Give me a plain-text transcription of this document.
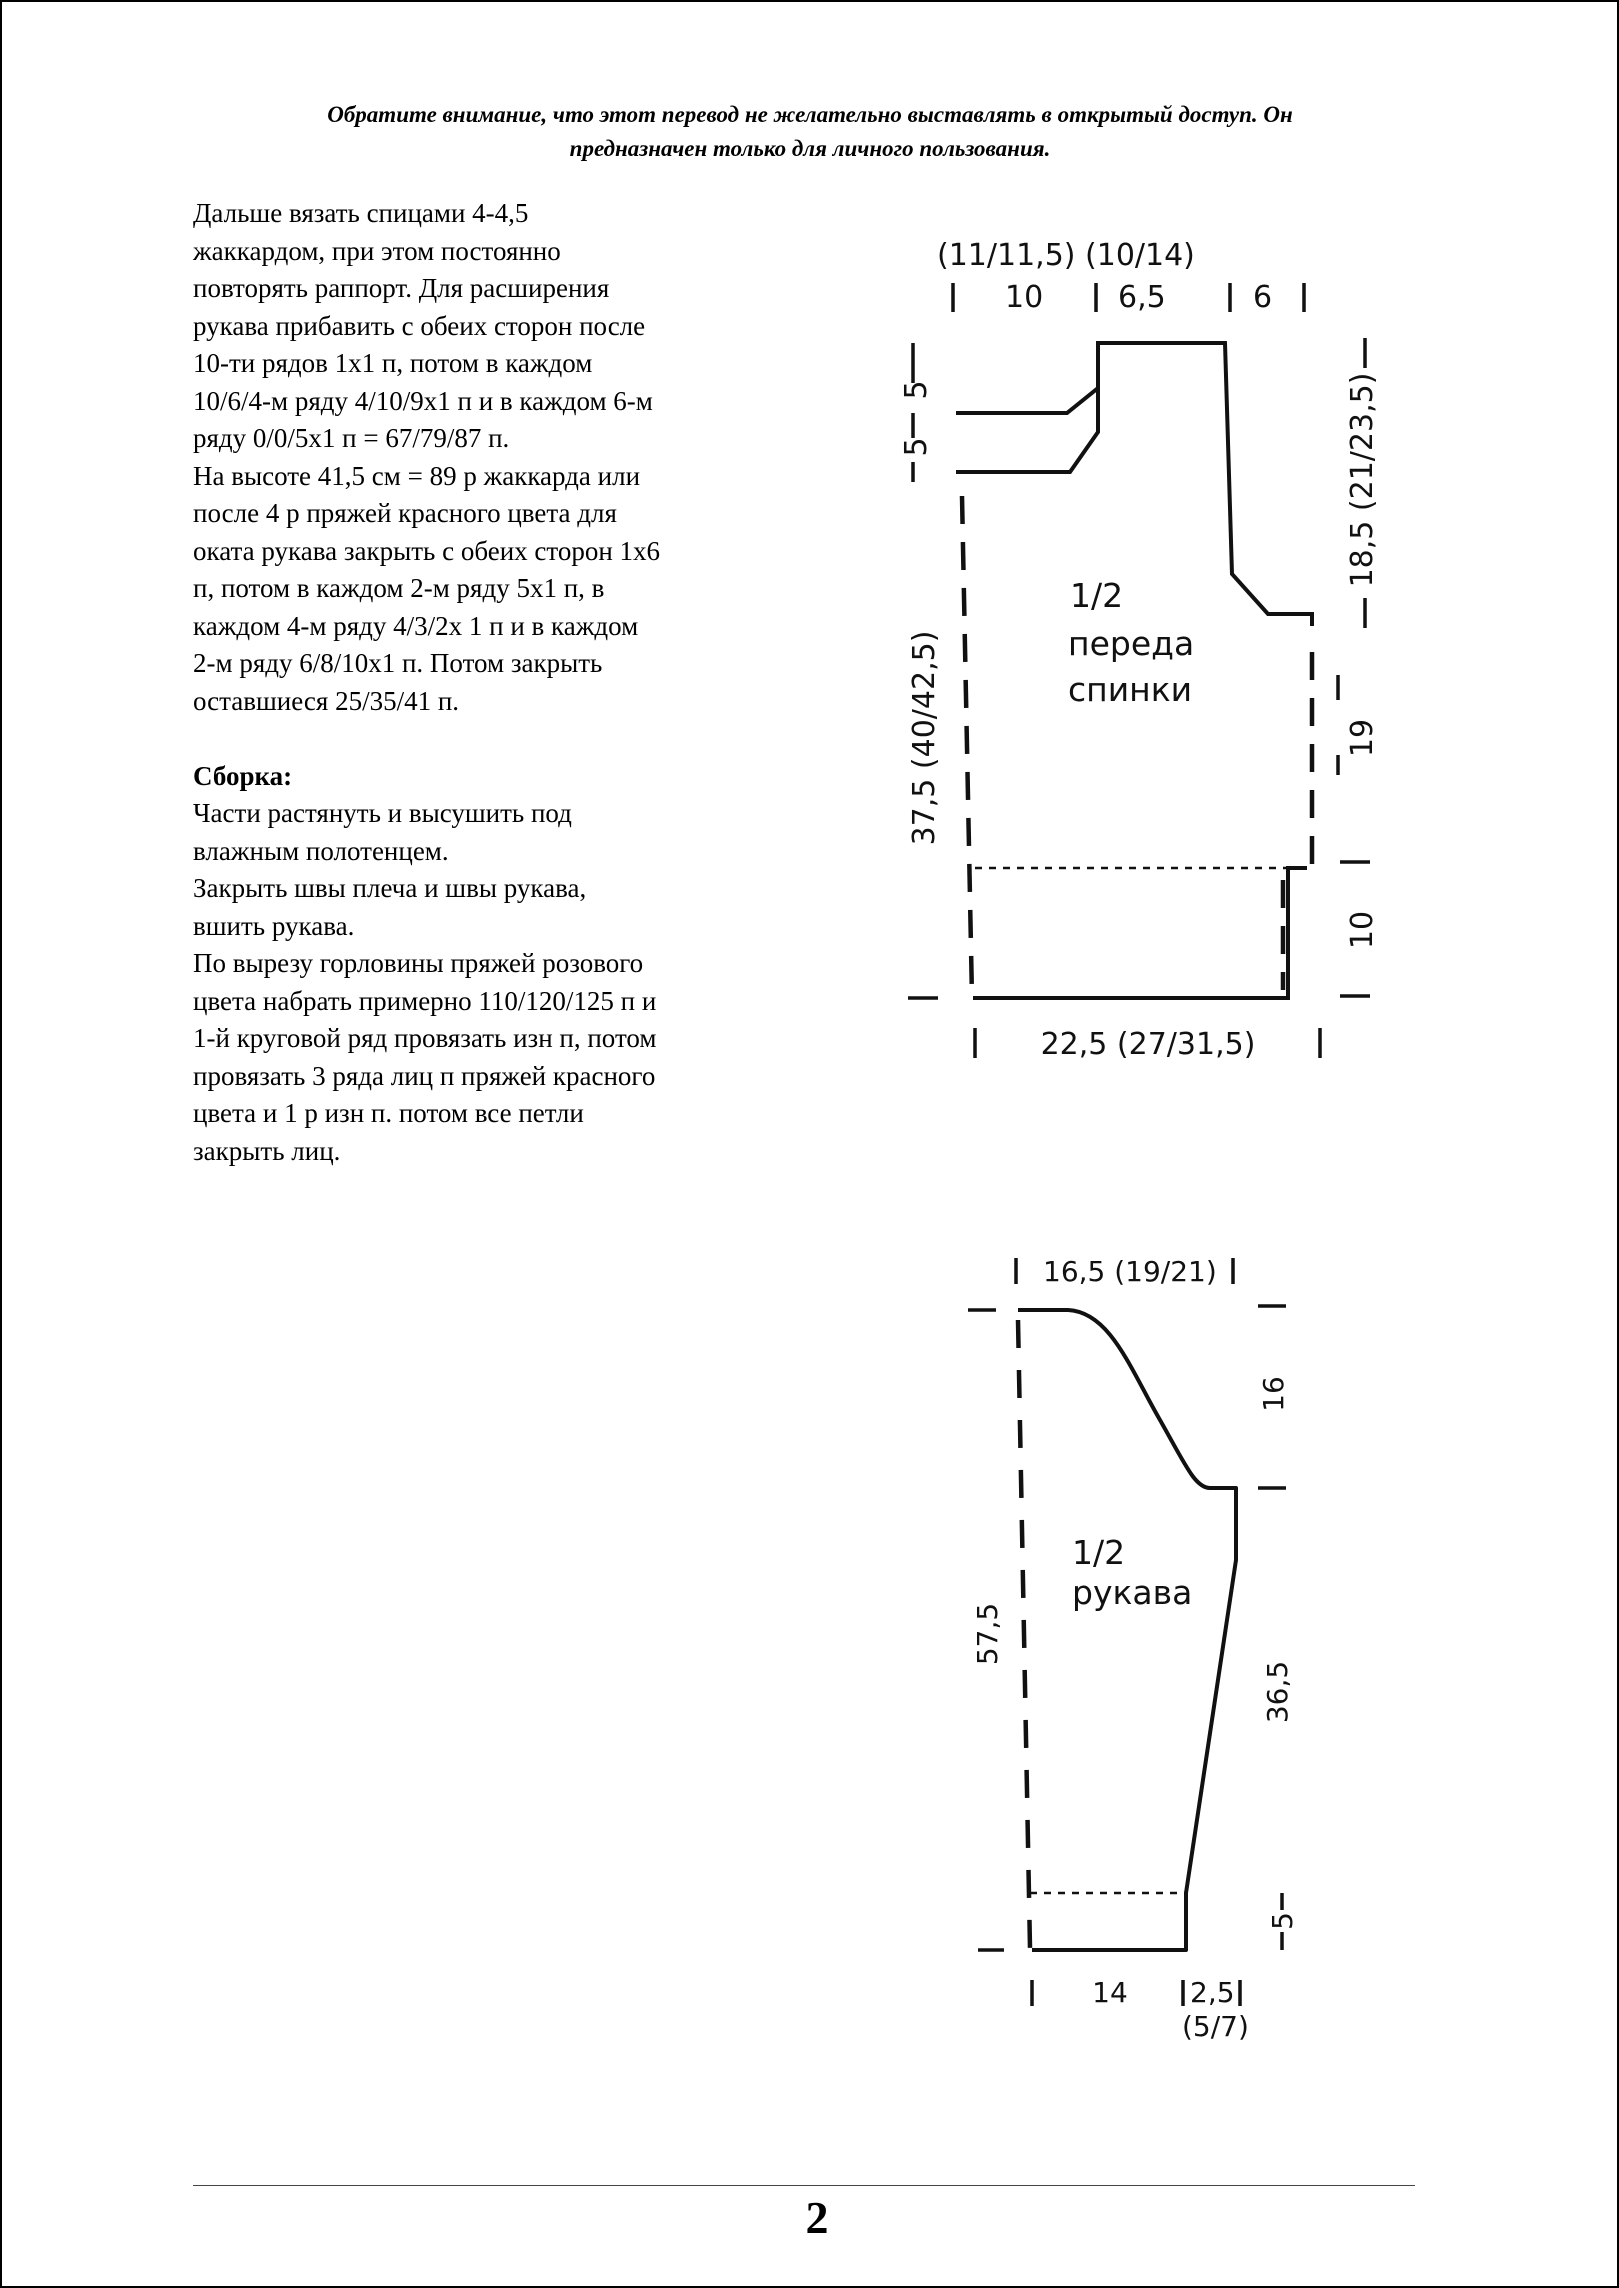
Обратите внимание, что этот перевод не желательно выставлять в открытый доступ. Он
предназначен только для личного пользования.

Дальше вязать спицами 4-4,5

жаккардом, при этом постоянно

повторять раппорт. Для расширения

рукава прибавить с обеих сторон после

10-ти рядов 1х1 п, потом в каждом

10/6/4-м ряду 4/10/9х1 п и в каждом 6-м

ряду 0/0/5х1 п = 67/79/87 п.

На высоте 41,5 см = 89 р жаккарда или

после 4 р пряжей красного цвета для

оката рукава закрыть с обеих сторон 1х6

п, потом в каждом 2-м ряду 5х1 п, в

каждом 4-м ряду 4/3/2х 1 п и в каждом

2-м ряду 6/8/10х1 п. Потом закрыть

оставшиеся 25/35/41 п.

Сборка:

Части растянуть и высушить под

влажным полотенцем.

Закрыть швы плеча и швы рукава,

вшить рукава.

По вырезу горловины пряжей розового

цвета набрать примерно 110/120/125 п и

1-й круговой ряд провязать изн п, потом

провязать 3 ряда лиц п пряжей красного

цвета и 1 р изн п. потом все петли

закрыть лиц.

(11/11,5) (10/14)
10 6,5	6
5
5	18,5 (21/23,5)
37,5 (40/42,5)	19
10
22,5 (27/31,5)
1/2
переда
спинки
16,5 (19/21)
16
57,5
36,5
5
14 2,5
(5/7)
1/2
рукава
2
